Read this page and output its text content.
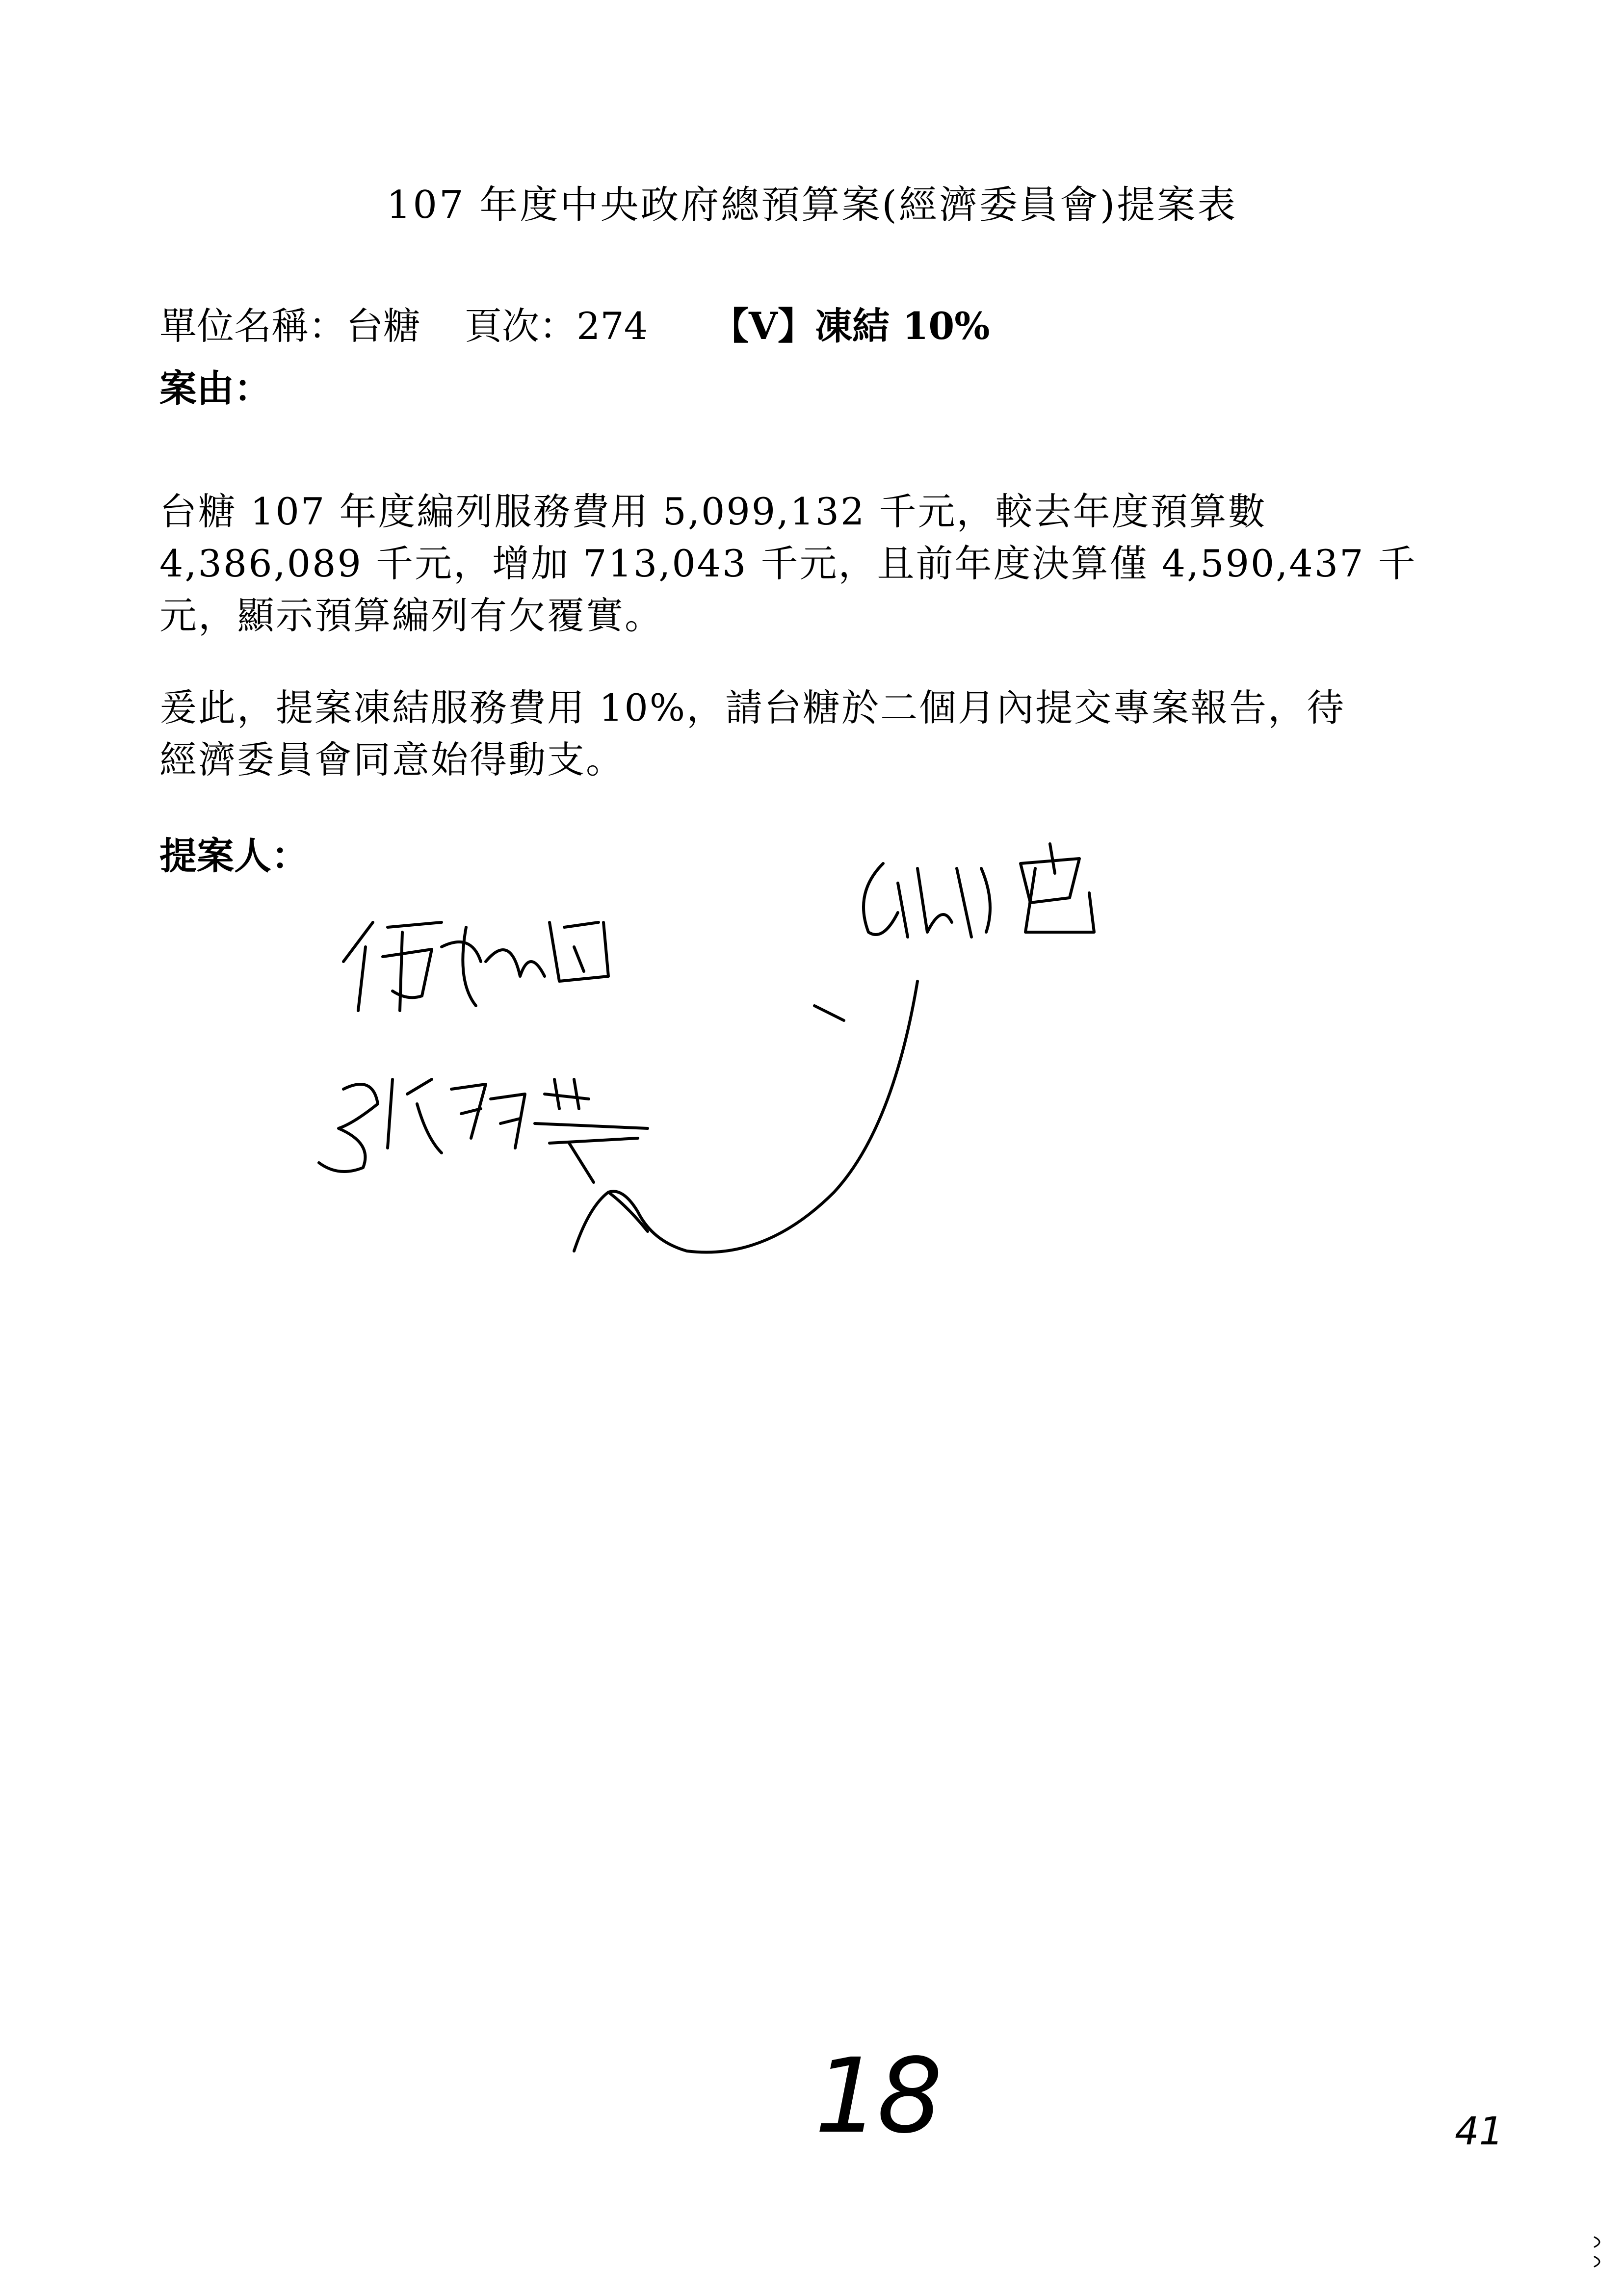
107 年度中央政府總預算案(經濟委員會)提案表
單位名稱：台糖 頁次：274 【V】凍結 10%
案由：
台糖 107 年度編列服務費用 5,099,132 千元，較去年度預算數
4,386,089 千元，增加 713,043 千元，且前年度決算僅 4,590,437 千
元，顯示預算編列有欠覆實。
爰此，提案凍結服務費用 10%，請台糖於二個月內提交專案報告，待
經濟委員會同意始得動支。
提案人：
18	41
